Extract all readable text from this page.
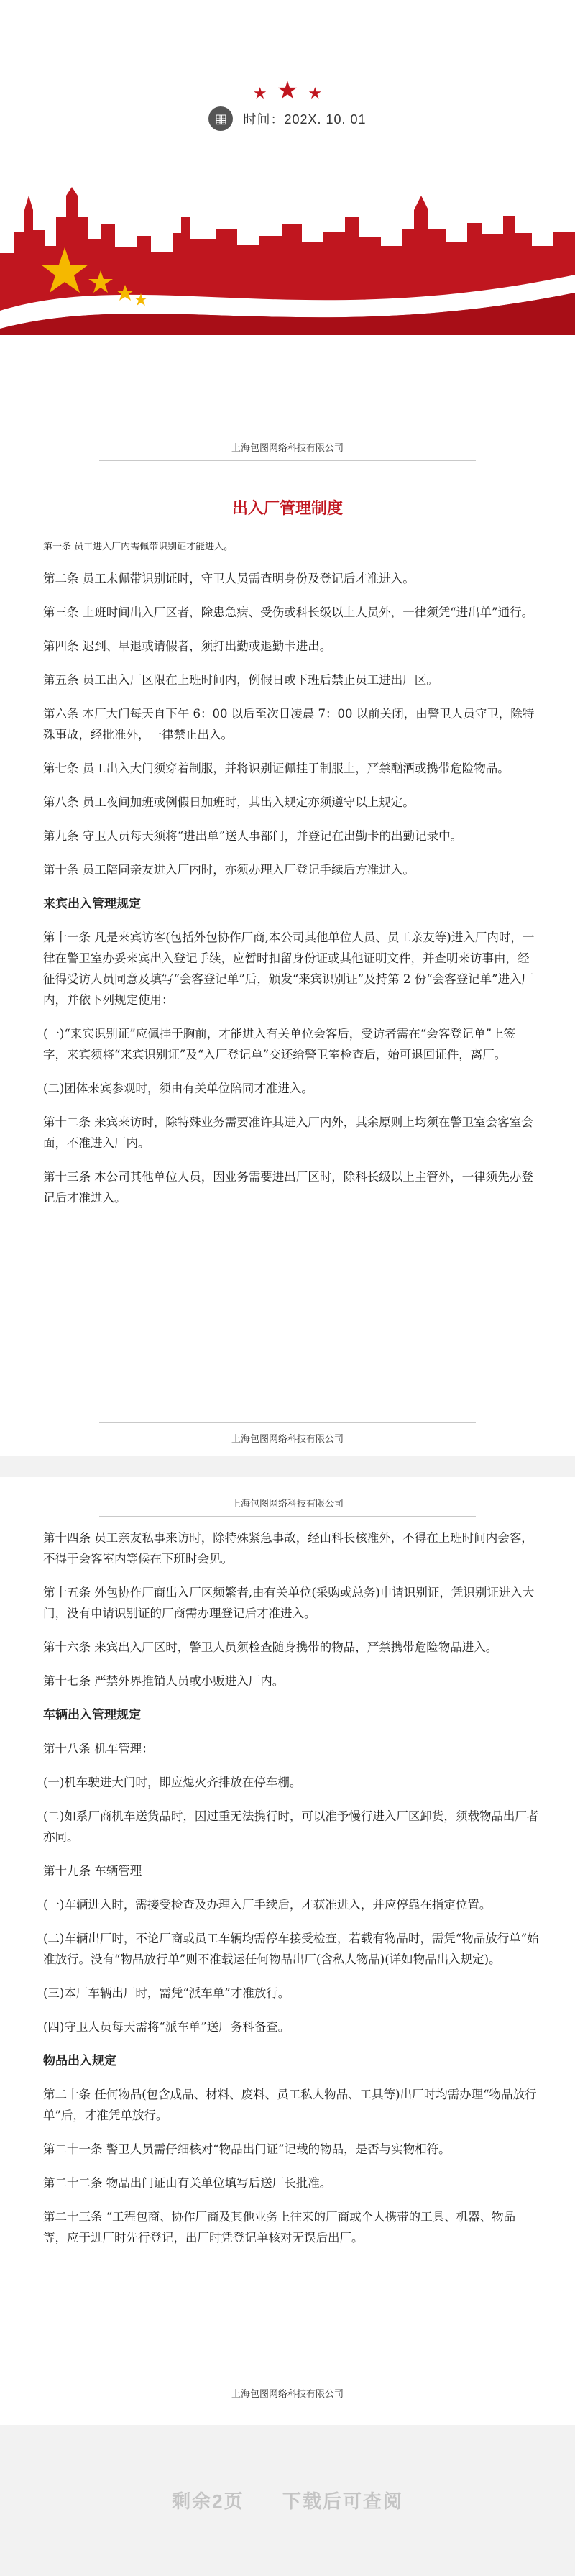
★ ★ ★
▦	时间：202X. 10. 01
上海包图网络科技有限公司
出入厂管理制度

第一条 员工进入厂内需佩带识别证才能进入。

第二条 员工未佩带识别证时，守卫人员需查明身份及登记后才准进入。

第三条 上班时间出入厂区者，除患急病、受伤或科长级以上人员外，一律须凭“进出单”通行。

第四条 迟到、早退或请假者，须打出勤或退勤卡进出。

第五条 员工出入厂区限在上班时间内，例假日或下班后禁止员工进出厂区。

第六条 本厂大门每天自下午 6：00 以后至次日凌晨 7：00 以前关闭，由警卫人员守卫，除特殊事故，经批准外，一律禁止出入。

第七条 员工出入大门须穿着制服，并将识别证佩挂于制服上，严禁酗酒或携带危险物品。

第八条 员工夜间加班或例假日加班时，其出入规定亦须遵守以上规定。

第九条 守卫人员每天须将“进出单”送人事部门，并登记在出勤卡的出勤记录中。

第十条 员工陪同亲友进入厂内时，亦须办理入厂登记手续后方准进入。

来宾出入管理规定

第十一条 凡是来宾访客(包括外包协作厂商,本公司其他单位人员、员工亲友等)进入厂内时，一律在警卫室办妥来宾出入登记手续，应暂时扣留身份证或其他证明文件，并查明来访事由，经征得受访人员同意及填写“会客登记单”后，颁发“来宾识别证”及持第 2 份“会客登记单”进入厂内，并依下列规定使用：

(一)“来宾识别证”应佩挂于胸前，才能进入有关单位会客后，受访者需在“会客登记单”上签字，来宾须将“来宾识别证”及“入厂登记单”交还给警卫室检查后，始可退回证件，离厂。

(二)团体来宾参观时，须由有关单位陪同才准进入。

第十二条 来宾来访时，除特殊业务需要准许其进入厂内外，其余原则上均须在警卫室会客室会面，不准进入厂内。

第十三条 本公司其他单位人员，因业务需要进出厂区时，除科长级以上主管外，一律须先办登记后才准进入。

上海包图网络科技有限公司
上海包图网络科技有限公司

第十四条 员工亲友私事来访时，除特殊紧急事故，经由科长核准外，不得在上班时间内会客，不得于会客室内等候在下班时会见。

第十五条 外包协作厂商出入厂区频繁者,由有关单位(采购或总务)申请识别证，凭识别证进入大门，没有申请识别证的厂商需办理登记后才准进入。

第十六条 来宾出入厂区时，警卫人员须检查随身携带的物品，严禁携带危险物品进入。

第十七条 严禁外界推销人员或小贩进入厂内。

车辆出入管理规定

第十八条 机车管理：

(一)机车驶进大门时，即应熄火齐排放在停车棚。

(二)如系厂商机车送货品时，因过重无法携行时，可以准予慢行进入厂区卸货，须载物品出厂者亦同。

第十九条 车辆管理

(一)车辆进入时，需接受检查及办理入厂手续后，才获准进入，并应停靠在指定位置。

(二)车辆出厂时，不论厂商或员工车辆均需停车接受检查，若载有物品时，需凭“物品放行单”始准放行。没有“物品放行单”则不准载运任何物品出厂(含私人物品)(详如物品出入规定)。

(三)本厂车辆出厂时，需凭“派车单”才准放行。

(四)守卫人员每天需将“派车单”送厂务科备查。

物品出入规定

第二十条 任何物品(包含成品、材料、废料、员工私人物品、工具等)出厂时均需办理“物品放行单”后，才准凭单放行。

第二十一条 警卫人员需仔细核对“物品出门证”记载的物品，是否与实物相符。

第二十二条 物品出门证由有关单位填写后送厂长批准。

第二十三条 “工程包商、协作厂商及其他业务上往来的厂商或个人携带的工具、机器、物品等，应于进厂时先行登记，出厂时凭登记单核对无误后出厂。

上海包图网络科技有限公司
剩余2页 下载后可查阅
